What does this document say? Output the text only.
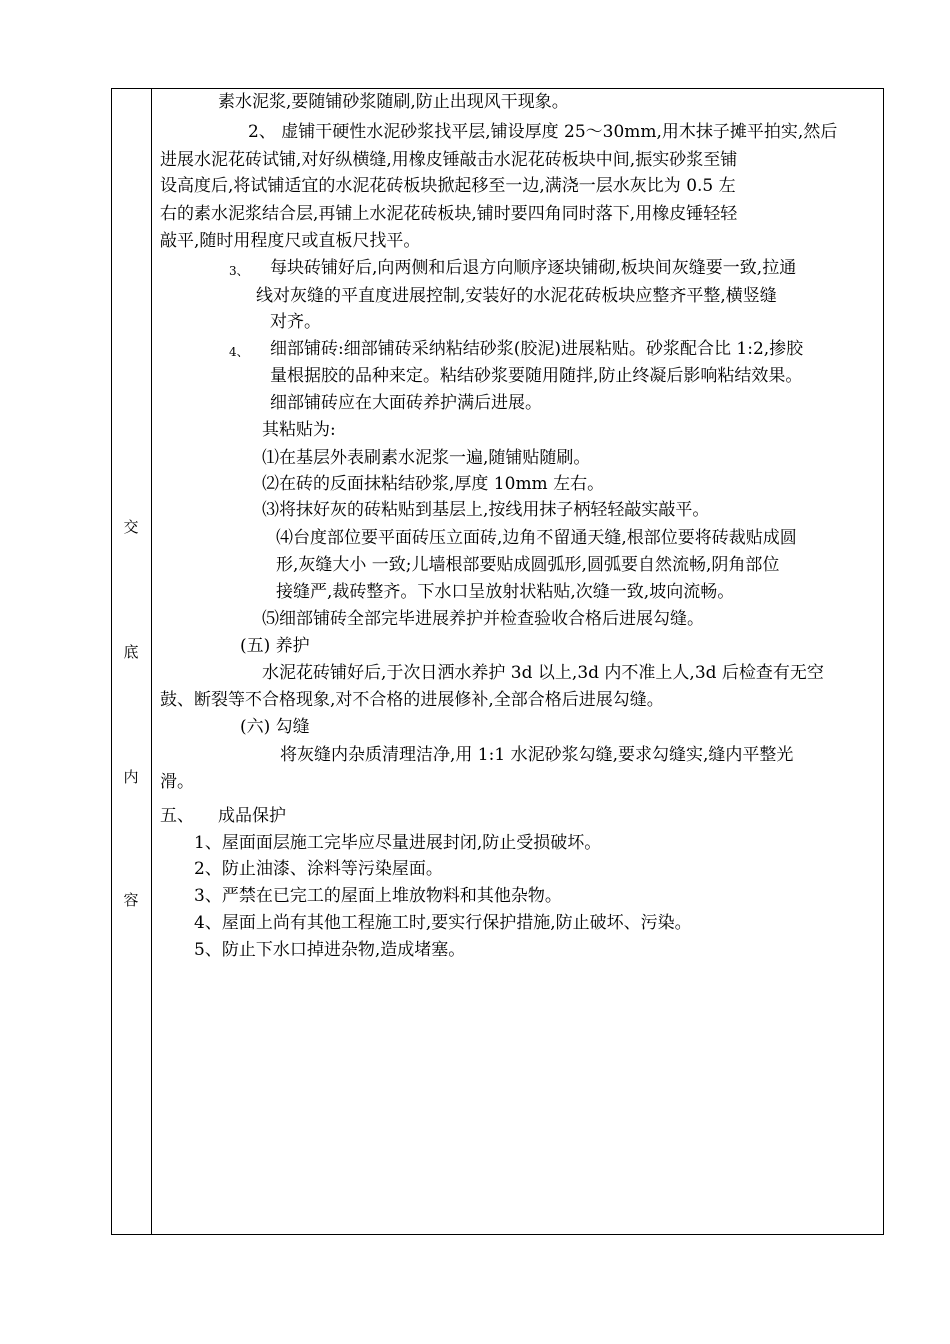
交
底
内
容
素水泥浆,要随铺砂浆随刷,防止出现风干现象。
2、 虚铺干硬性水泥砂浆找平层,铺设厚度 25～30mm,用木抹子摊平拍实,然后
进展水泥花砖试铺,对好纵横缝,用橡皮锤敲击水泥花砖板块中间,振实砂浆至铺
设高度后,将试铺适宜的水泥花砖板块掀起移至一边,满浇一层水灰比为 0.5 左
右的素水泥浆结合层,再铺上水泥花砖板块,铺时要四角同时落下,用橡皮锤轻轻
敲平,随时用程度尺或直板尺找平。
3、 每块砖铺好后,向两侧和后退方向顺序逐块铺砌,板块间灰缝要一致,拉通
线对灰缝的平直度进展控制,安装好的水泥花砖板块应整齐平整,横竖缝
对齐。
4、 细部铺砖:细部铺砖采纳粘结砂浆(胶泥)进展粘贴。砂浆配合比 1:2,掺胶
量根据胶的品种来定。粘结砂浆要随用随拌,防止终凝后影响粘结效果。
细部铺砖应在大面砖养护满后进展。
其粘贴为:
⑴在基层外表刷素水泥浆一遍,随铺贴随刷。
⑵在砖的反面抹粘结砂浆,厚度 10mm 左右。
⑶将抹好灰的砖粘贴到基层上,按线用抹子柄轻轻敲实敲平。
⑷台度部位要平面砖压立面砖,边角不留通天缝,根部位要将砖裁贴成圆
形,灰缝大小 一致;儿墙根部要贴成圆弧形,圆弧要自然流畅,阴角部位
接缝严,裁砖整齐。下水口呈放射状粘贴,次缝一致,坡向流畅。
⑸细部铺砖全部完毕进展养护并检查验收合格后进展勾缝。
(五) 养护
水泥花砖铺好后,于次日洒水养护 3d 以上,3d 内不准上人,3d 后检查有无空
鼓、断裂等不合格现象,对不合格的进展修补,全部合格后进展勾缝。
(六) 勾缝
将灰缝内杂质清理洁净,用 1:1 水泥砂浆勾缝,要求勾缝实,缝内平整光
滑。
五、 成品保护
1、屋面面层施工完毕应尽量进展封闭,防止受损破坏。
2、防止油漆、涂料等污染屋面。
3、严禁在已完工的屋面上堆放物料和其他杂物。
4、屋面上尚有其他工程施工时,要实行保护措施,防止破坏、污染。
5、防止下水口掉进杂物,造成堵塞。
